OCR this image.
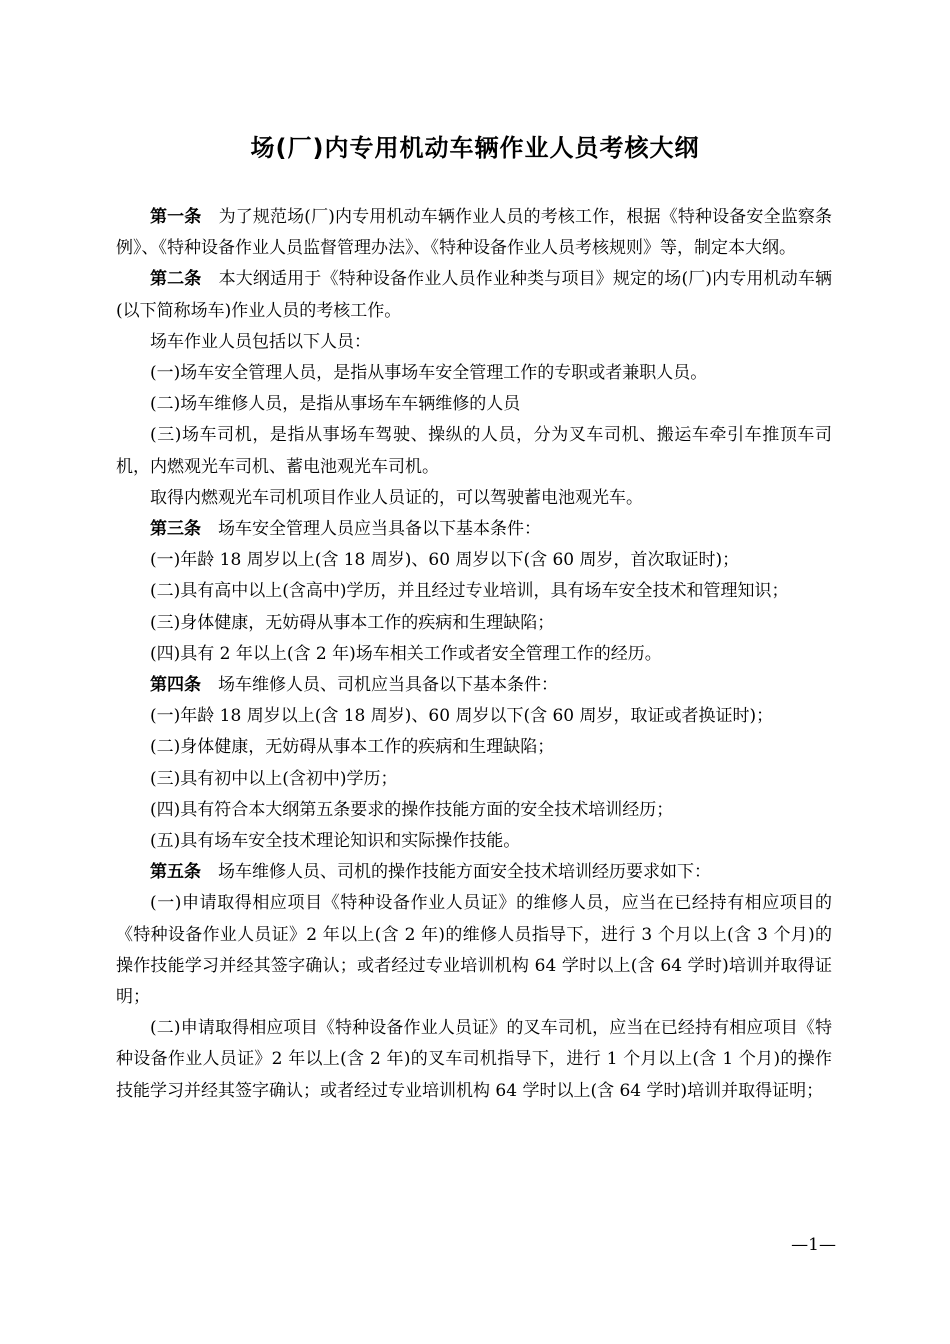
场(厂)内专用机动车辆作业人员考核大纲

第一条  为了规范场(厂)内专用机动车辆作业人员的考核工作，根据《特种设备安全监察条例》、《特种设备作业人员监督管理办法》、《特种设备作业人员考核规则》等，制定本大纲。

第二条  本大纲适用于《特种设备作业人员作业种类与项目》规定的场(厂)内专用机动车辆(以下简称场车)作业人员的考核工作。

场车作业人员包括以下人员：

(一)场车安全管理人员，是指从事场车安全管理工作的专职或者兼职人员。

(二)场车维修人员，是指从事场车车辆维修的人员

(三)场车司机，是指从事场车驾驶、操纵的人员，分为叉车司机、搬运车牵引车推顶车司机，内燃观光车司机、蓄电池观光车司机。

取得内燃观光车司机项目作业人员证的，可以驾驶蓄电池观光车。

第三条  场车安全管理人员应当具备以下基本条件：

(一)年龄 18 周岁以上(含 18 周岁)、60 周岁以下(含 60 周岁，首次取证时)；

(二)具有高中以上(含高中)学历，并且经过专业培训，具有场车安全技术和管理知识；

(三)身体健康，无妨碍从事本工作的疾病和生理缺陷；

(四)具有 2 年以上(含 2 年)场车相关工作或者安全管理工作的经历。

第四条  场车维修人员、司机应当具备以下基本条件：

(一)年龄 18 周岁以上(含 18 周岁)、60 周岁以下(含 60 周岁，取证或者换证时)；

(二)身体健康，无妨碍从事本工作的疾病和生理缺陷；

(三)具有初中以上(含初中)学历；

(四)具有符合本大纲第五条要求的操作技能方面的安全技术培训经历；

(五)具有场车安全技术理论知识和实际操作技能。

第五条  场车维修人员、司机的操作技能方面安全技术培训经历要求如下：

(一)申请取得相应项目《特种设备作业人员证》的维修人员，应当在已经持有相应项目的《特种设备作业人员证》2 年以上(含 2 年)的维修人员指导下，进行 3 个月以上(含 3 个月)的操作技能学习并经其签字确认；或者经过专业培训机构 64 学时以上(含 64 学时)培训并取得证明；

(二)申请取得相应项目《特种设备作业人员证》的叉车司机，应当在已经持有相应项目《特种设备作业人员证》2 年以上(含 2 年)的叉车司机指导下，进行 1 个月以上(含 1 个月)的操作技能学习并经其签字确认；或者经过专业培训机构 64 学时以上(含 64 学时)培训并取得证明；

—1—
